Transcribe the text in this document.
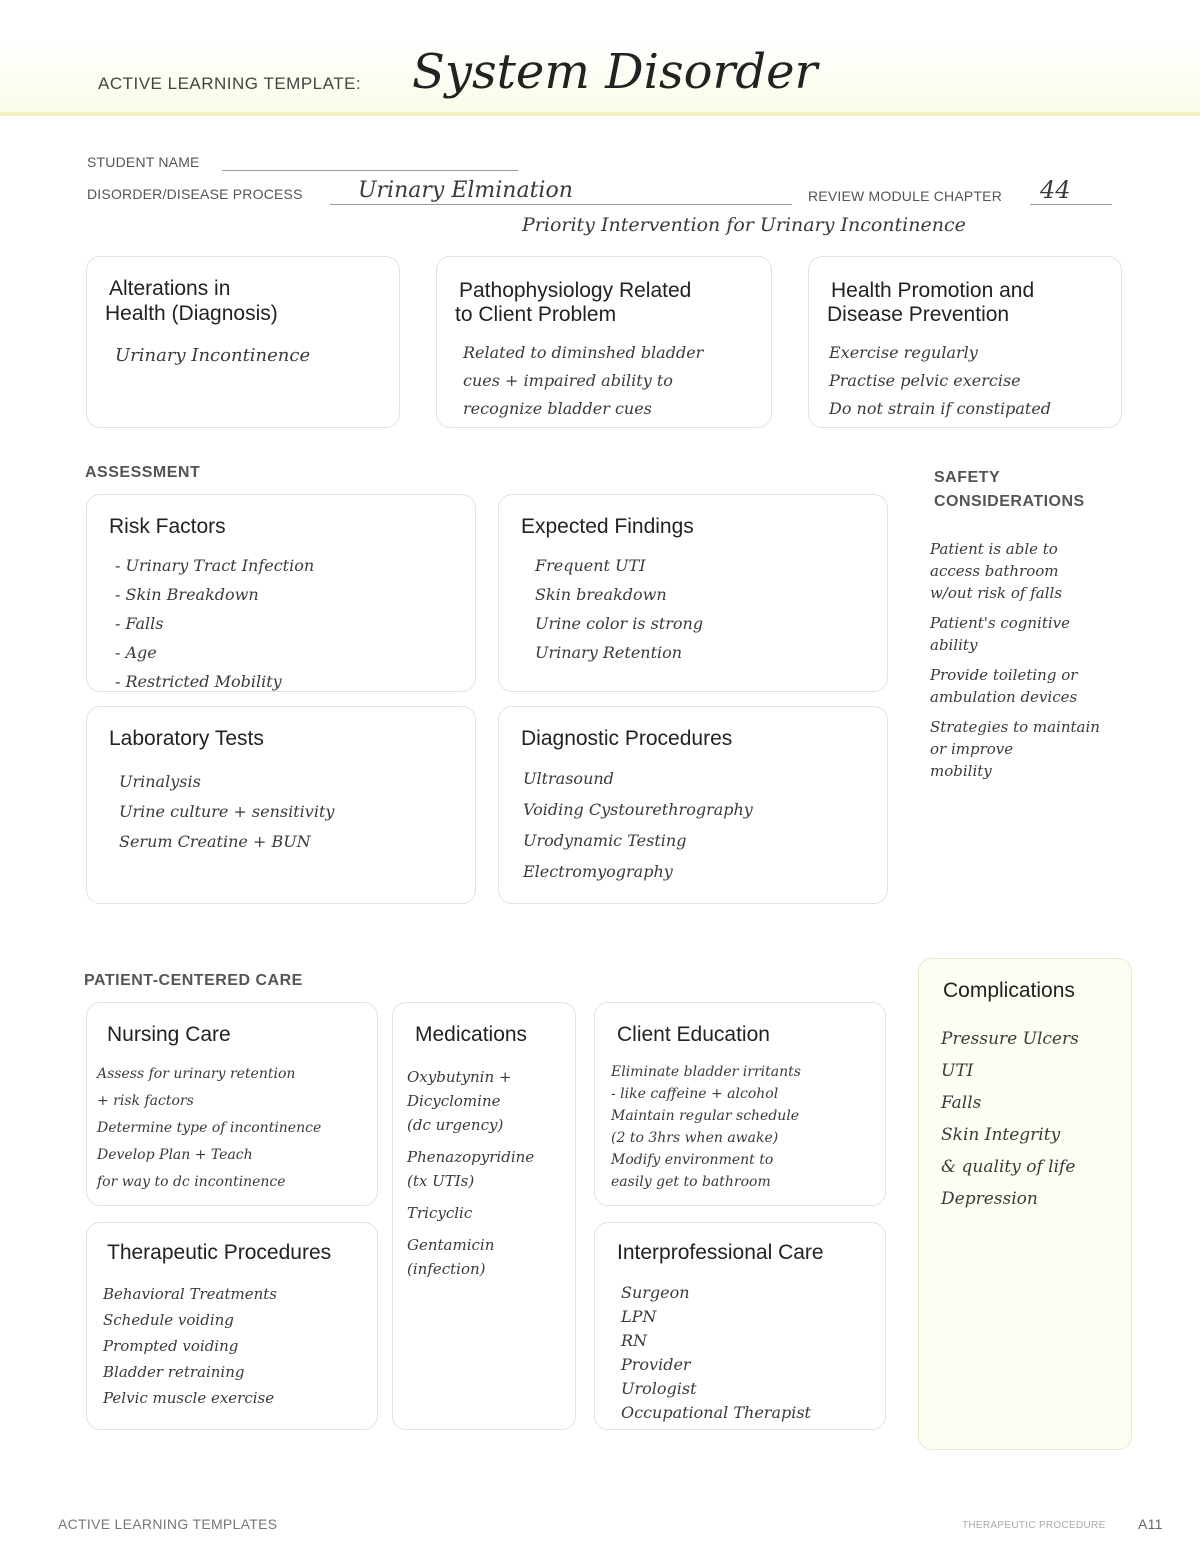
ACTIVE LEARNING TEMPLATE: System Disorder
STUDENT NAME
DISORDER/DISEASE PROCESS	Urinary Elmination
Priority Intervention for Urinary Incontinence
REVIEW MODULE CHAPTER 44
Alterations in
Health (Diagnosis)
Urinary Incontinence
Pathophysiology Related
to Client Problem
Related to diminshed bladder
cues + impaired ability to
recognize bladder cues
Health Promotion and
Disease Prevention
Exercise regularly
Practise pelvic exercise
Do not strain if constipated
ASSESSMENT
Risk Factors
- Urinary Tract Infection
- Skin Breakdown
- Falls
- Age
- Restricted Mobility
Expected Findings
Frequent UTI
Skin breakdown
Urine color is strong
Urinary Retention
Laboratory Tests
Urinalysis
Urine culture + sensitivity
Serum Creatine + BUN
Diagnostic Procedures
Ultrasound
Voiding Cystourethrography
Urodynamic Testing
Electromyography
SAFETY
CONSIDERATIONS
Patient is able to
access bathroom
w/out risk of falls

Patient's cognitive
ability

Provide toileting or
ambulation devices

Strategies to maintain
or improve
mobility
PATIENT-CENTERED CARE
Nursing Care
Assess for urinary retention
+ risk factors
Determine type of incontinence
Develop Plan + Teach
for way to dc incontinence
Medications
Oxybutynin +
Dicyclomine
(dc urgency)

Phenazopyridine
(tx UTIs)

Tricyclic

Gentamicin
(infection)
Client Education
Eliminate bladder irritants
- like caffeine + alcohol
Maintain regular schedule
(2 to 3hrs when awake)
Modify environment to
easily get to bathroom
Therapeutic Procedures
Behavioral Treatments
Schedule voiding
Prompted voiding
Bladder retraining
Pelvic muscle exercise
Interprofessional Care
Surgeon
LPN
RN
Provider
Urologist
Occupational Therapist
Complications
Pressure Ulcers
UTI
Falls
Skin Integrity
& quality of life
Depression
ACTIVE LEARNING TEMPLATES	THERAPEUTIC PROCEDURE A11
